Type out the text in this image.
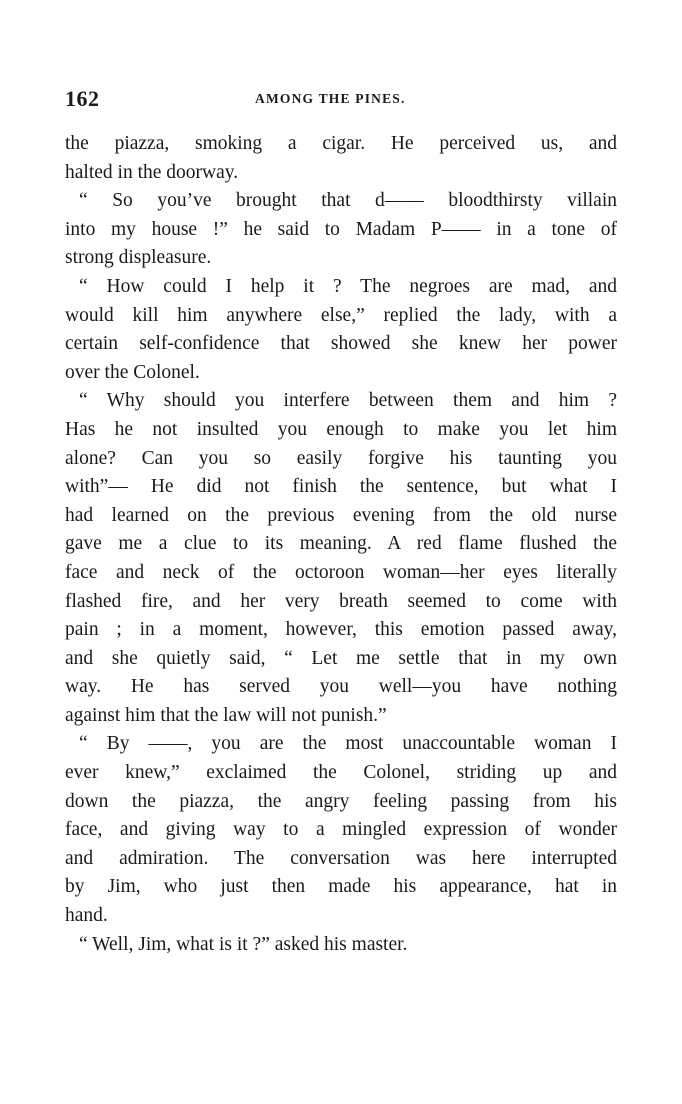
162	AMONG THE PINES.
the piazza, smoking a cigar. He perceived us, and
halted in the doorway.
“ So you’ve brought that d—— bloodthirsty villain
into my house !” he said to Madam P—— in a tone of
strong displeasure.
“ How could I help it ? The negroes are mad, and
would kill him anywhere else,” replied the lady, with a
certain self-confidence that showed she knew her power
over the Colonel.
“ Why should you interfere between them and him ?
Has he not insulted you enough to make you let him
alone? Can you so easily forgive his taunting you
with”— He did not finish the sentence, but what I
had learned on the previous evening from the old nurse
gave me a clue to its meaning. A red flame flushed the
face and neck of the octoroon woman—her eyes literally
flashed fire, and her very breath seemed to come with
pain ; in a moment, however, this emotion passed away,
and she quietly said, “ Let me settle that in my own
way. He has served you well—you have nothing
against him that the law will not punish.”
“ By ——, you are the most unaccountable woman I
ever knew,” exclaimed the Colonel, striding up and
down the piazza, the angry feeling passing from his
face, and giving way to a mingled expression of wonder
and admiration. The conversation was here interrupted
by Jim, who just then made his appearance, hat in
hand.
“ Well, Jim, what is it ?” asked his master.
